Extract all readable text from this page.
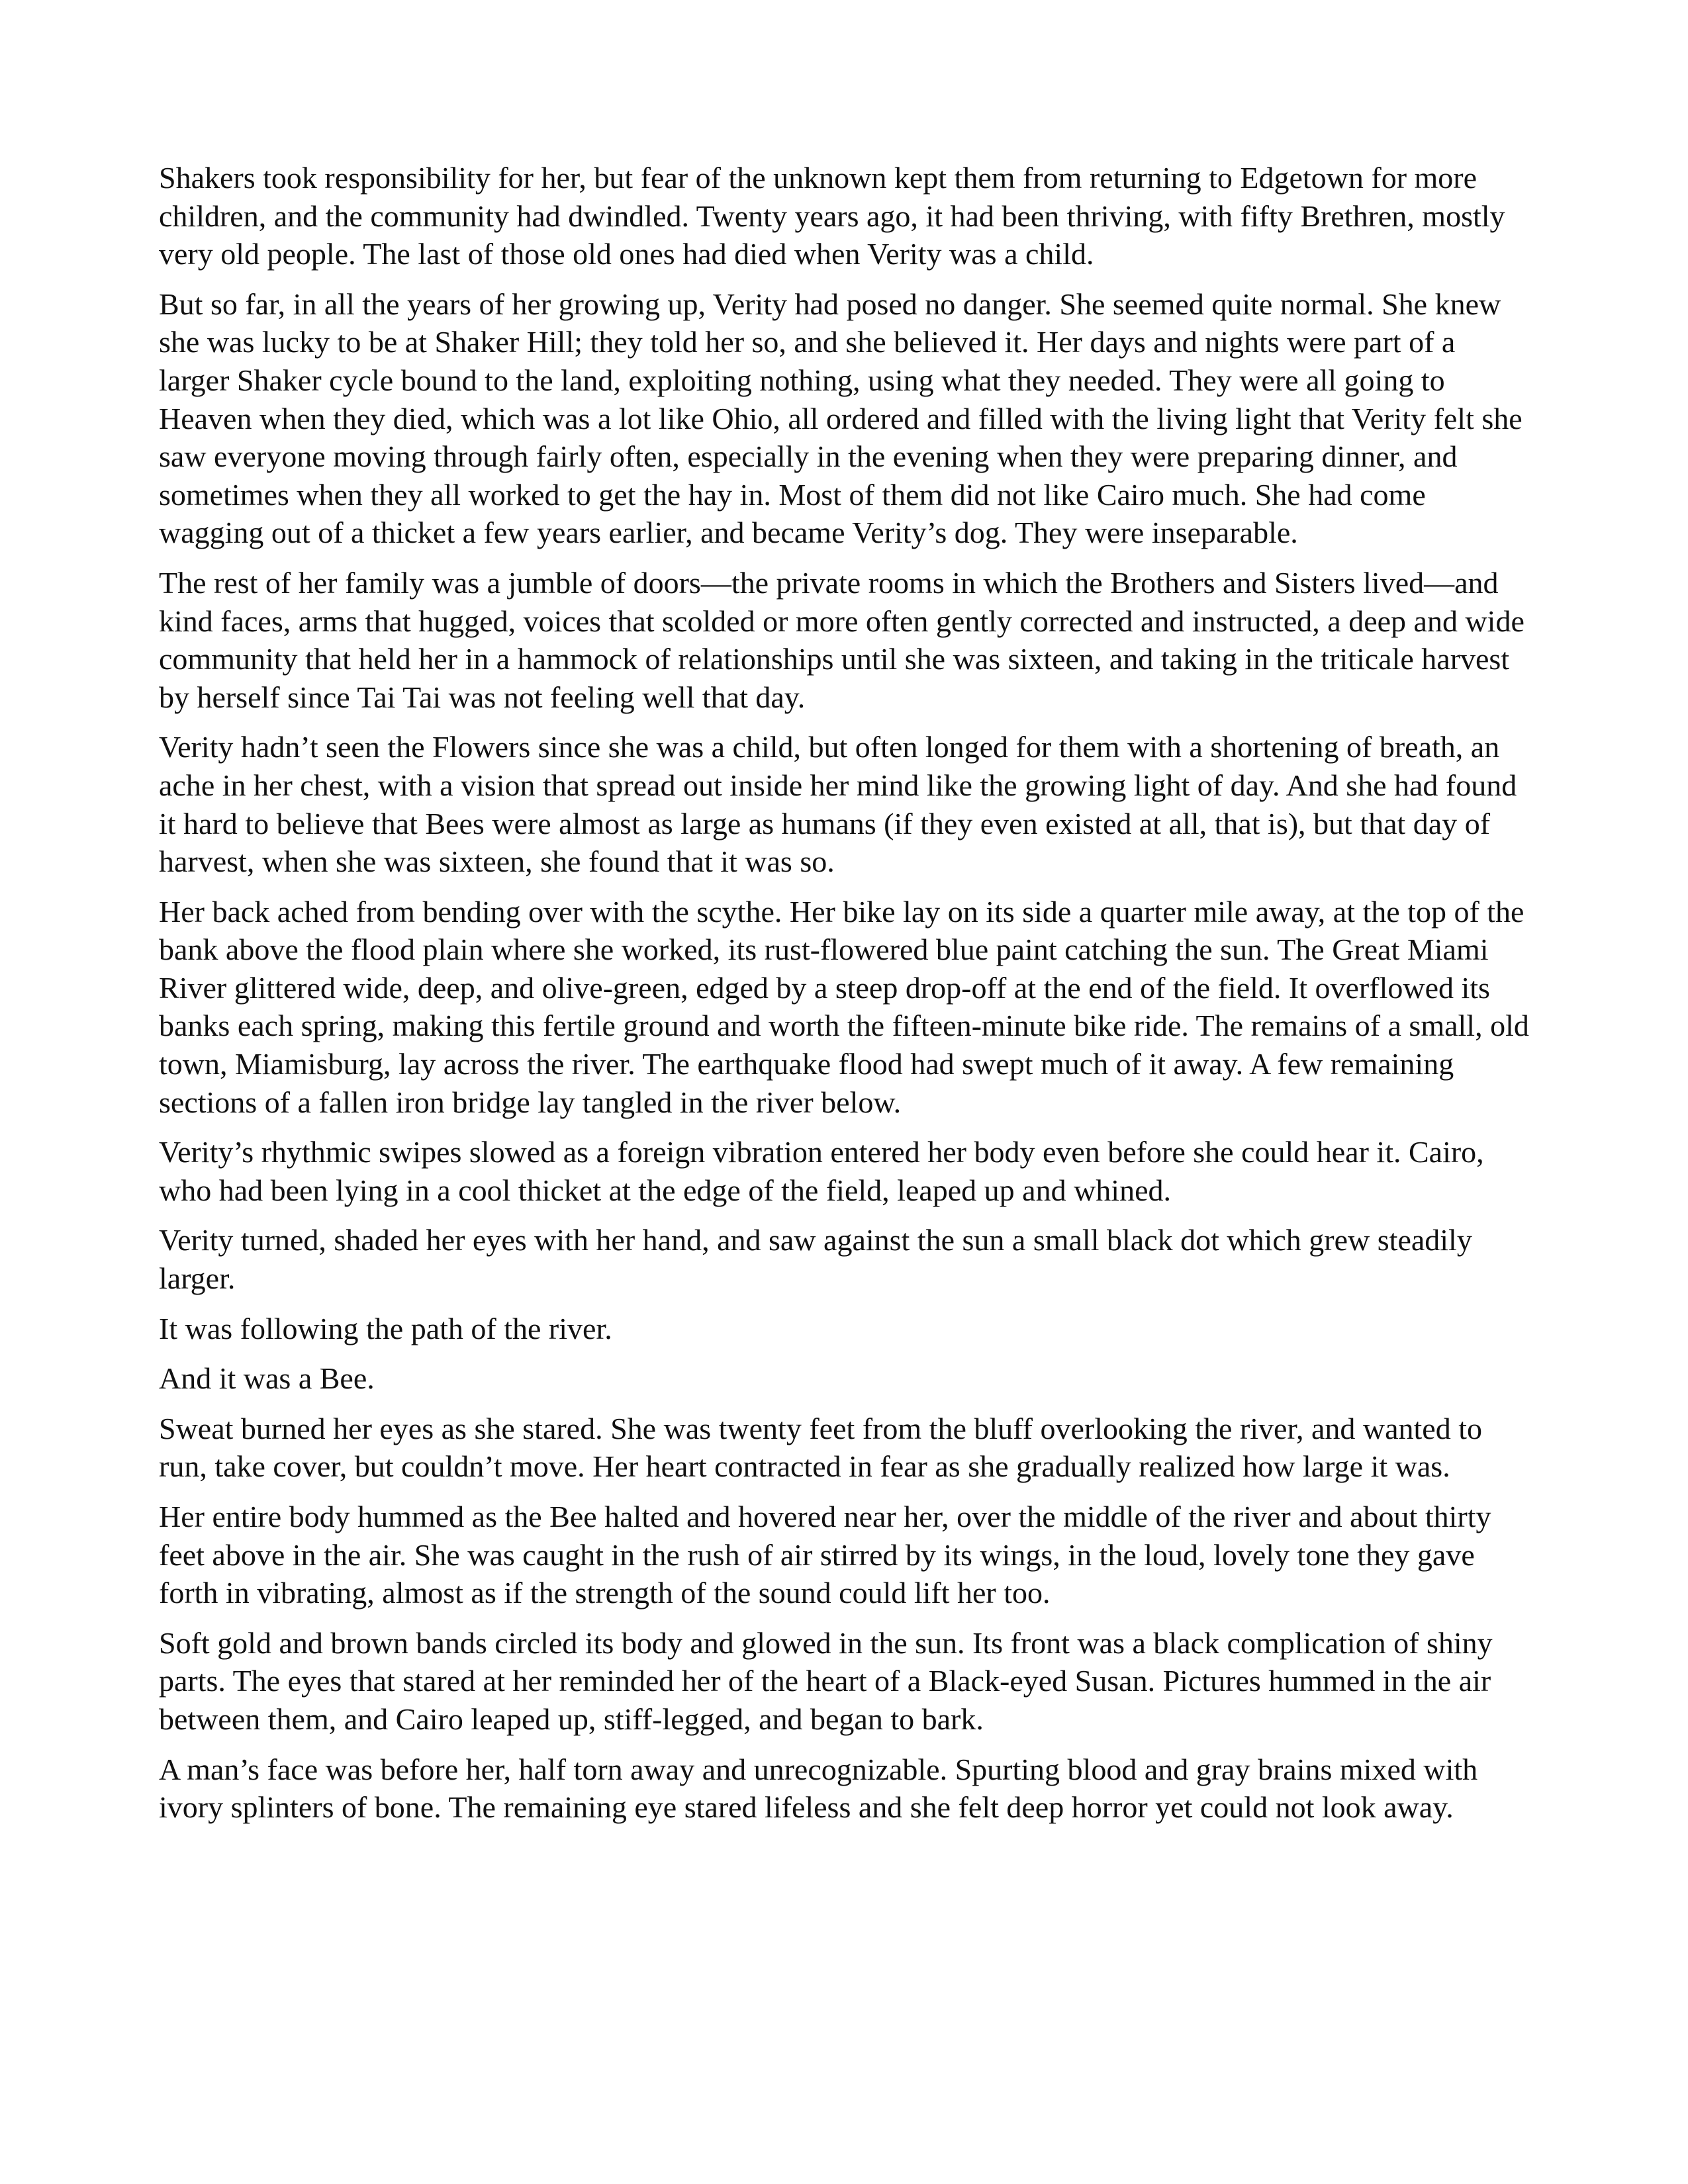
Shakers took responsibility for her, but fear of the unknown kept them from returning to Edgetown for more children, and the community had dwindled. Twenty years ago, it had been thriving, with fifty Brethren, mostly very old people. The last of those old ones had died when Verity was a child.

But so far, in all the years of her growing up, Verity had posed no danger. She seemed quite normal. She knew she was lucky to be at Shaker Hill; they told her so, and she believed it. Her days and nights were part of a larger Shaker cycle bound to the land, exploiting nothing, using what they needed. They were all going to Heaven when they died, which was a lot like Ohio, all ordered and filled with the living light that Verity felt she saw everyone moving through fairly often, especially in the evening when they were preparing dinner, and sometimes when they all worked to get the hay in. Most of them did not like Cairo much. She had come wagging out of a thicket a few years earlier, and became Verity’s dog. They were inseparable.

The rest of her family was a jumble of doors—the private rooms in which the Brothers and Sisters lived—and kind faces, arms that hugged, voices that scolded or more often gently corrected and instructed, a deep and wide community that held her in a hammock of relationships until she was sixteen, and taking in the triticale harvest by herself since Tai Tai was not feeling well that day.

Verity hadn’t seen the Flowers since she was a child, but often longed for them with a shortening of breath, an ache in her chest, with a vision that spread out inside her mind like the growing light of day. And she had found it hard to believe that Bees were almost as large as humans (if they even existed at all, that is), but that day of harvest, when she was sixteen, she found that it was so.

Her back ached from bending over with the scythe. Her bike lay on its side a quarter mile away, at the top of the bank above the flood plain where she worked, its rust-flowered blue paint catching the sun. The Great Miami River glittered wide, deep, and olive-green, edged by a steep drop-off at the end of the field. It overflowed its banks each spring, making this fertile ground and worth the fifteen-minute bike ride. The remains of a small, old town, Miamisburg, lay across the river. The earthquake flood had swept much of it away. A few remaining sections of a fallen iron bridge lay tangled in the river below.

Verity’s rhythmic swipes slowed as a foreign vibration entered her body even before she could hear it. Cairo, who had been lying in a cool thicket at the edge of the field, leaped up and whined.

Verity turned, shaded her eyes with her hand, and saw against the sun a small black dot which grew steadily larger.

It was following the path of the river.

And it was a Bee.

Sweat burned her eyes as she stared. She was twenty feet from the bluff overlooking the river, and wanted to run, take cover, but couldn’t move. Her heart contracted in fear as she gradually realized how large it was.

Her entire body hummed as the Bee halted and hovered near her, over the middle of the river and about thirty feet above in the air. She was caught in the rush of air stirred by its wings, in the loud, lovely tone they gave forth in vibrating, almost as if the strength of the sound could lift her too.

Soft gold and brown bands circled its body and glowed in the sun. Its front was a black complication of shiny parts. The eyes that stared at her reminded her of the heart of a Black-eyed Susan. Pictures hummed in the air between them, and Cairo leaped up, stiff-legged, and began to bark.

A man’s face was before her, half torn away and unrecognizable. Spurting blood and gray brains mixed with ivory splinters of bone. The remaining eye stared lifeless and she felt deep horror yet could not look away.
